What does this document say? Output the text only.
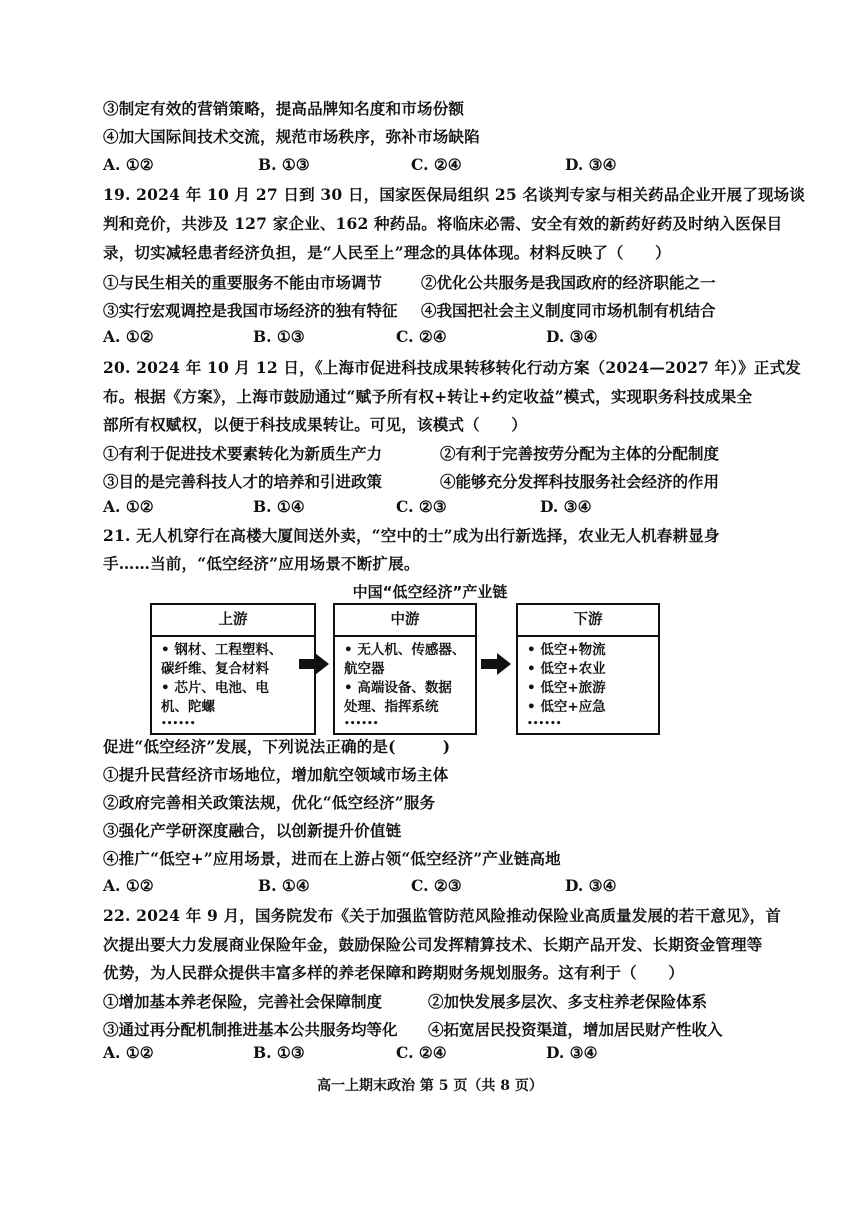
③制定有效的营销策略，提高品牌知名度和市场份额
④加大国际间技术交流，规范市场秩序，弥补市场缺陷
A. ①②	B. ①③	C. ②④	D. ③④
19. 2024 年 10 月 27 日到 30 日，国家医保局组织 25 名谈判专家与相关药品企业开展了现场谈
判和竞价，共涉及 127 家企业、162 种药品。将临床必需、安全有效的新药好药及时纳入医保目
录，切实减轻患者经济负担，是“人民至上”理念的具体体现。材料反映了（　　）
①与民生相关的重要服务不能由市场调节	②优化公共服务是我国政府的经济职能之一
③实行宏观调控是我国市场经济的独有特征 ④我国把社会主义制度同市场机制有机结合
A. ①②	B. ①③	C. ②④	D. ③④
20. 2024 年 10 月 12 日，《上海市促进科技成果转移转化行动方案（2024—2027 年）》正式发
布。根据《方案》，上海市鼓励通过“赋予所有权+转让+约定收益”模式，实现职务科技成果全
部所有权赋权，以便于科技成果转让。可见，该模式（　　）
①有利于促进技术要素转化为新质生产力	②有利于完善按劳分配为主体的分配制度
③目的是完善科技人才的培养和引进政策	④能够充分发挥科技服务社会经济的作用
A. ①②	B. ①④	C. ②③	D. ③④
21. 无人机穿行在高楼大厦间送外卖，“空中的士”成为出行新选择，农业无人机春耕显身
手……当前，“低空经济”应用场景不断扩展。
中国“低空经济”产业链
上游
• 钢材、工程塑料、
碳纤维、复合材料
• 芯片、电池、电
机、陀螺
••••••
中游
• 无人机、传感器、
航空器
• 高端设备、数据
处理、指挥系统
••••••
下游
• 低空+物流
• 低空+农业
• 低空+旅游
• 低空+应急
••••••
促进“低空经济”发展，下列说法正确的是(　　　)
①提升民营经济市场地位，增加航空领域市场主体
②政府完善相关政策法规，优化“低空经济”服务
③强化产学研深度融合，以创新提升价值链
④推广“低空+”应用场景，进而在上游占领“低空经济”产业链高地
A. ①②	B. ①④	C. ②③	D. ③④
22. 2024 年 9 月，国务院发布《关于加强监管防范风险推动保险业高质量发展的若干意见》，首
次提出要大力发展商业保险年金，鼓励保险公司发挥精算技术、长期产品开发、长期资金管理等
优势，为人民群众提供丰富多样的养老保障和跨期财务规划服务。这有利于（　　）
①增加基本养老保险，完善社会保障制度	②加快发展多层次、多支柱养老保险体系
③通过再分配机制推进基本公共服务均等化 ④拓宽居民投资渠道，增加居民财产性收入
A. ①②	B. ①③	C. ②④	D. ③④
高一上期末政治 第 5 页（共 8 页）
